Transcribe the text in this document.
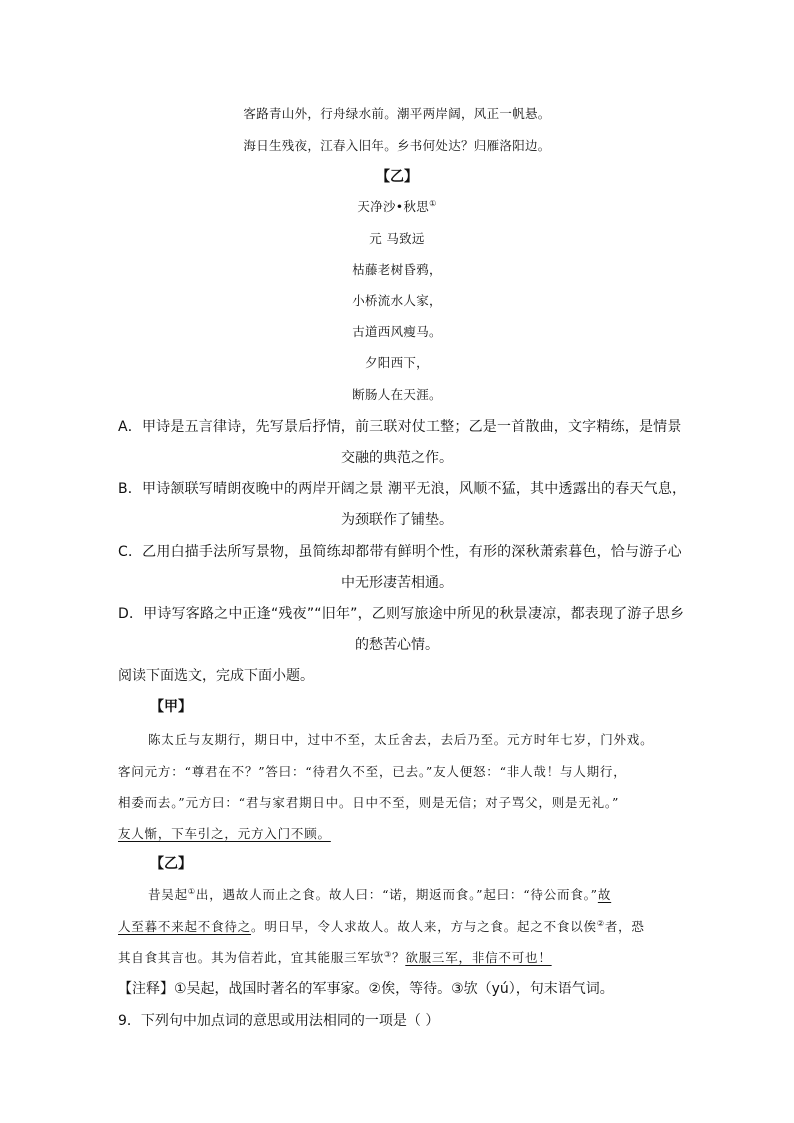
客路青山外，行舟绿水前。潮平两岸阔，风正一帆悬。
海日生残夜，江春入旧年。乡书何处达？归雁洛阳边。
【乙】
天净沙•秋思①
元 马致远
枯藤老树昏鸦，
小桥流水人家，
古道西风瘦马。
夕阳西下，
断肠人在天涯。
A．甲诗是五言律诗，先写景后抒情，前三联对仗工整；乙是一首散曲，文字精练，是情景
交融的典范之作。
B．甲诗颔联写晴朗夜晚中的两岸开阔之景 潮平无浪，风顺不猛，其中透露出的春天气息，
为颈联作了铺垫。
C．乙用白描手法所写景物，虽简练却都带有鲜明个性，有形的深秋萧索暮色，恰与游子心
中无形凄苦相通。
D．甲诗写客路之中正逢“残夜”“旧年”，乙则写旅途中所见的秋景凄凉，都表现了游子思乡
的愁苦心情。
阅读下面选文，完成下面小题。
【甲】
陈太丘与友期行，期日中，过中不至，太丘舍去，去后乃至。元方时年七岁，门外戏。
客问元方：“尊君在不？”答曰：“待君久不至，已去。”友人便怒：“非人哉！与人期行，
相委而去。”元方曰：“君与家君期日中。日中不至，则是无信；对子骂父，则是无礼。”
友人惭，下车引之，元方入门不顾。
【乙】
昔吴起①出，遇故人而止之食。故人曰：“诺，期返而食。”起曰：“待公而食。”故
人至暮不来起不食待之。明日早，令人求故人。故人来，方与之食。起之不食以俟②者，恐
其自食其言也。其为信若此，宜其能服三军欤③？欲服三军，非信不可也！
【注释】①吴起，战国时著名的军事家。②俟，等待。③欤（yú），句末语气词。
9．下列句中加点词的意思或用法相同的一项是（ ）
